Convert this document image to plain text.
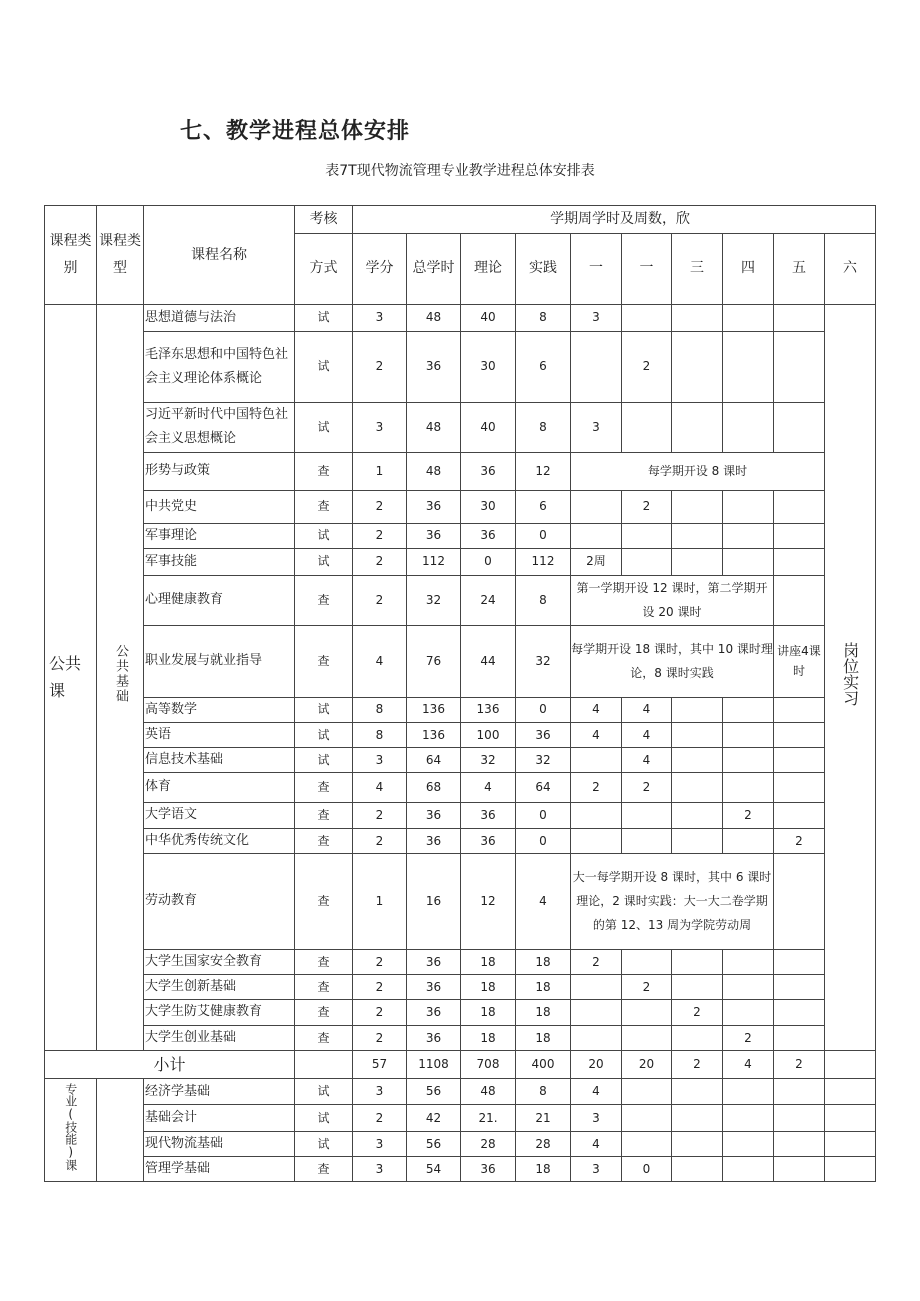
七、教学进程总体安排
表7T现代物流管理专业教学进程总体安排表
课程类别	课程类型	课程名称	考核	学期周学时及周数，欣									
			方式	学分	总学时	理论	实践	一	一	三	四	五	六
公共课	公共基础	思想道德与法治	试	3	48	40	8	3					岗位实习
		毛泽东思想和中国特色社会主义理论体系概论	试	2	36	30	6		2				
		习近平新时代中国特色社会主义思想概论	试	3	48	40	8	3					
		形势与政策	查	1	48	36	12	每学期开设 8 课时					
		中共党史	查	2	36	30	6		2				
		军事理论	试	2	36	36	0						
		军事技能	试	2	112	0	112	2周					
		心理健康教育	查	2	32	24	8	第一学期开设 12 课时，第二学期开设 20 课时					
		职业发展与就业指导	查	4	76	44	32	每学期开设 18 课时，其中 10 课时理论，8 课时实践				讲座4课时	
		高等数学	试	8	136	136	0	4	4				
		英语	试	8	136	100	36	4	4				
		信息技术基础	试	3	64	32	32		4				
		体育	查	4	68	4	64	2	2				
		大学语文	查	2	36	36	0				2		
		中华优秀传统文化	查	2	36	36	0					2	
		劳动教育	查	1	16	12	4	大一每学期开设 8 课时，其中 6 课时理论，2 课时实践：大一大二卷学期的第 12、13 周为学院劳动周					
		大学生国家安全教育	查	2	36	18	18	2					
		大学生创新基础	查	2	36	18	18		2				
		大学生防艾健康教育	查	2	36	18	18			2			
		大学生创业基础	查	2	36	18	18				2		
小计				57	1108	708	400	20	20	2	4	2	
专业(技能)课		经济学基础	试	3	56	48	8	4					
		基础会计	试	2	42	21.	21	3					
		现代物流基础	试	3	56	28	28	4					
		管理学基础	查	3	54	36	18	3	0				
